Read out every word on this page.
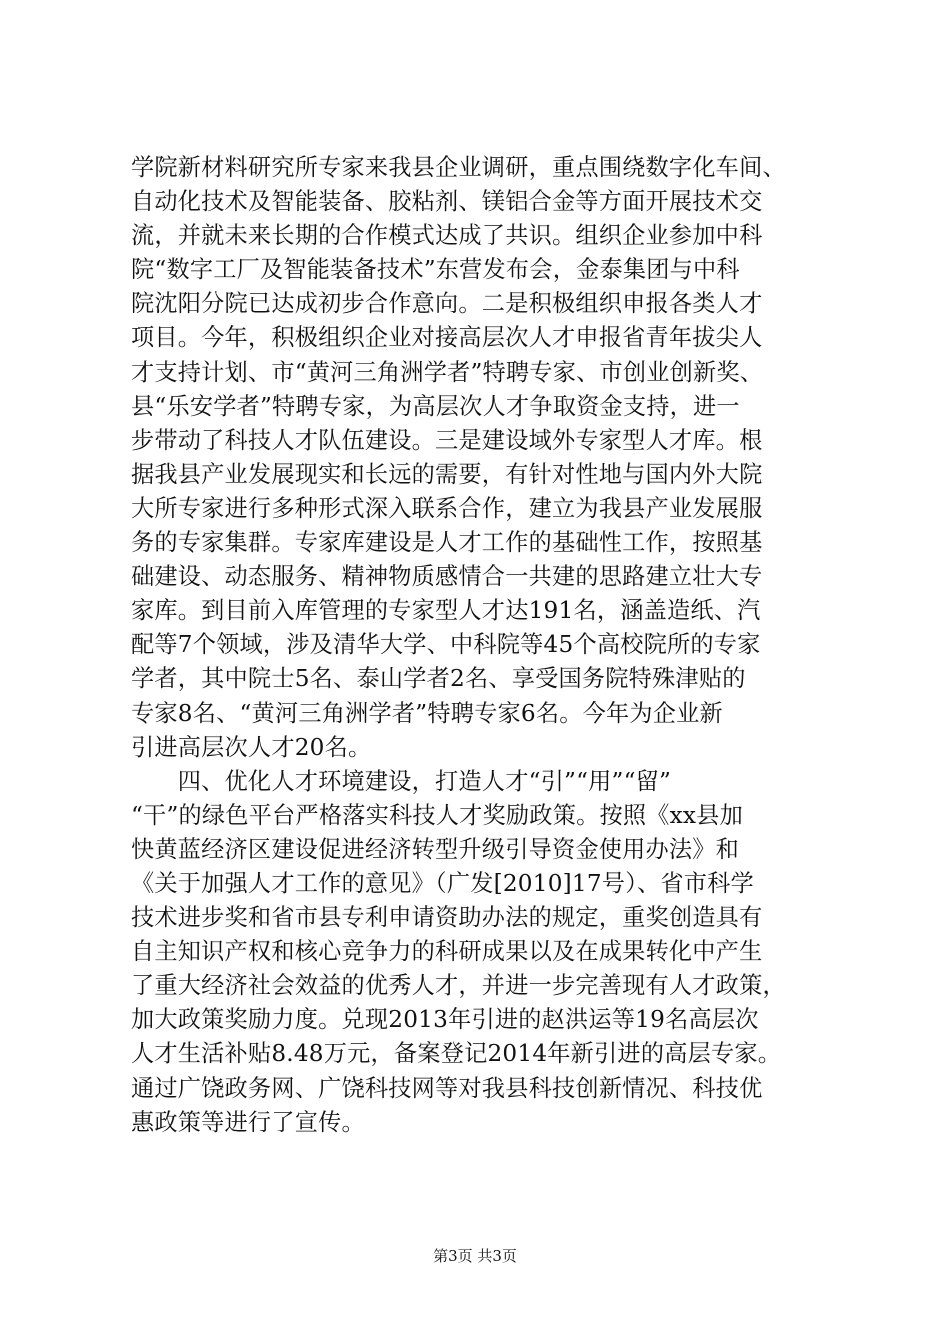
学院新材料研究所专家来我县企业调研，重点围绕数字化车间、
自动化技术及智能装备、胶粘剂、镁铝合金等方面开展技术交
流，并就未来长期的合作模式达成了共识。组织企业参加中科
院“数字工厂及智能装备技术”东营发布会，金泰集团与中科
院沈阳分院已达成初步合作意向。二是积极组织申报各类人才
项目。今年，积极组织企业对接高层次人才申报省青年拔尖人
才支持计划、市“黄河三角洲学者”特聘专家、市创业创新奖、
县“乐安学者”特聘专家，为高层次人才争取资金支持，进一
步带动了科技人才队伍建设。三是建设域外专家型人才库。根
据我县产业发展现实和长远的需要，有针对性地与国内外大院
大所专家进行多种形式深入联系合作，建立为我县产业发展服
务的专家集群。专家库建设是人才工作的基础性工作，按照基
础建设、动态服务、精神物质感情合一共建的思路建立壮大专
家库。到目前入库管理的专家型人才达191名，涵盖造纸、汽
配等7个领域，涉及清华大学、中科院等45个高校院所的专家
学者，其中院士5名、泰山学者2名、享受国务院特殊津贴的
专家8名、“黄河三角洲学者”特聘专家6名。今年为企业新
引进高层次人才20名。
　　四、优化人才环境建设，打造人才“引”“用”“留”
“干”的绿色平台严格落实科技人才奖励政策。按照《xx县加
快黄蓝经济区建设促进经济转型升级引导资金使用办法》和
《关于加强人才工作的意见》（广发[2010]17号）、省市科学
技术进步奖和省市县专利申请资助办法的规定，重奖创造具有
自主知识产权和核心竞争力的科研成果以及在成果转化中产生
了重大经济社会效益的优秀人才，并进一步完善现有人才政策，
加大政策奖励力度。兑现2013年引进的赵洪运等19名高层次
人才生活补贴8.48万元，备案登记2014年新引进的高层专家。
通过广饶政务网、广饶科技网等对我县科技创新情况、科技优
惠政策等进行了宣传。
第3页 共3页
